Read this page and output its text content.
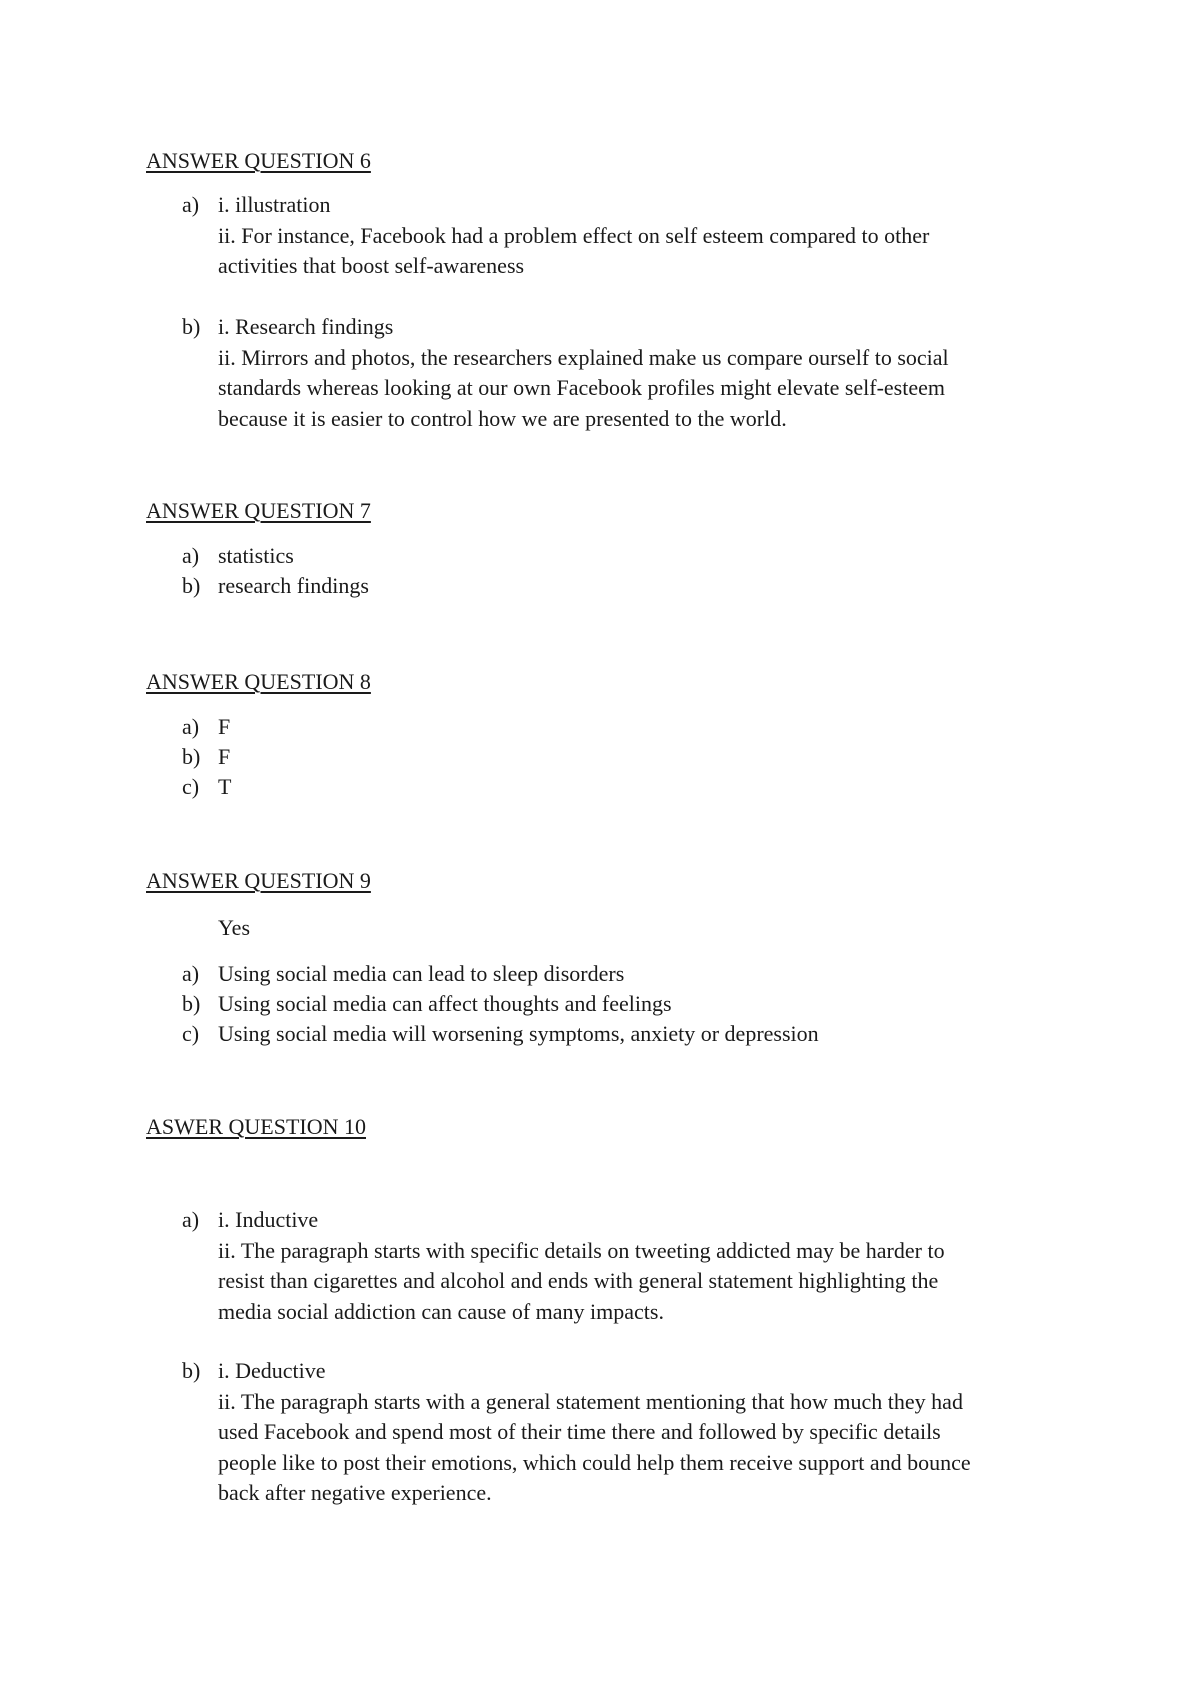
ANSWER QUESTION 6
a) i. illustration
ii. For instance, Facebook had a problem effect on self esteem compared to other
activities that boost self-awareness
b) i. Research findings
ii. Mirrors and photos, the researchers explained make us compare ourself to social
standards whereas looking at our own Facebook profiles might elevate self-esteem
because it is easier to control how we are presented to the world.
ANSWER QUESTION 7
a) statistics
b) research findings
ANSWER QUESTION 8
a) F
b) F
c) T
ANSWER QUESTION 9
Yes
a) Using social media can lead to sleep disorders
b) Using social media can affect thoughts and feelings
c) Using social media will worsening symptoms, anxiety or depression
ASWER QUESTION 10
a) i. Inductive
ii. The paragraph starts with specific details on tweeting addicted may be harder to
resist than cigarettes and alcohol and ends with general statement highlighting the
media social addiction can cause of many impacts.
b) i. Deductive
ii. The paragraph starts with a general statement mentioning that how much they had
used Facebook and spend most of their time there and followed by specific details
people like to post their emotions, which could help them receive support and bounce
back after negative experience.
